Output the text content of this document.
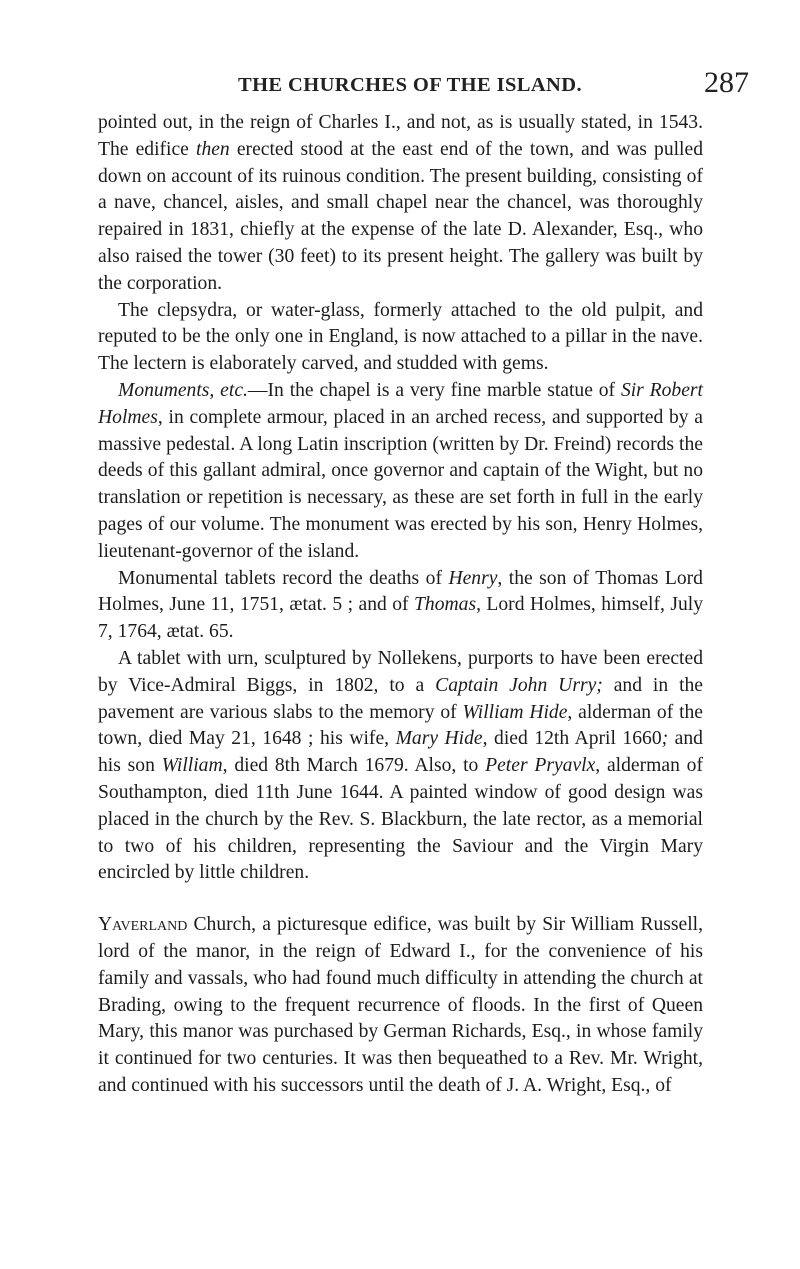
THE CHURCHES OF THE ISLAND.	287

pointed out, in the reign of Charles I., and not, as is usually stated, in 1543. The edifice then erected stood at the east end of the town, and was pulled down on account of its ruinous condition. The present building, consisting of a nave, chancel, aisles, and small chapel near the chancel, was thoroughly repaired in 1831, chiefly at the expense of the late D. Alexander, Esq., who also raised the tower (30 feet) to its present height. The gallery was built by the corporation.

The clepsydra, or water-glass, formerly attached to the old pulpit, and reputed to be the only one in England, is now attached to a pillar in the nave. The lectern is elaborately carved, and studded with gems.

Monuments, etc.—In the chapel is a very fine marble statue of Sir Robert Holmes, in complete armour, placed in an arched recess, and supported by a massive pedestal. A long Latin inscription (written by Dr. Freind) records the deeds of this gallant admiral, once governor and captain of the Wight, but no translation or repetition is necessary, as these are set forth in full in the early pages of our volume. The monument was erected by his son, Henry Holmes, lieutenant-governor of the island.

Monumental tablets record the deaths of Henry, the son of Thomas Lord Holmes, June 11, 1751, ætat. 5 ; and of Thomas, Lord Holmes, himself, July 7, 1764, ætat. 65.

A tablet with urn, sculptured by Nollekens, purports to have been erected by Vice-Admiral Biggs, in 1802, to a Captain John Urry; and in the pavement are various slabs to the memory of William Hide, alderman of the town, died May 21, 1648 ; his wife, Mary Hide, died 12th April 1660; and his son William, died 8th March 1679. Also, to Peter Pryavlx, alderman of Southampton, died 11th June 1644. A painted window of good design was placed in the church by the Rev. S. Blackburn, the late rector, as a memorial to two of his children, representing the Saviour and the Virgin Mary encircled by little children.

Yaverland Church, a picturesque edifice, was built by Sir William Russell, lord of the manor, in the reign of Edward I., for the convenience of his family and vassals, who had found much difficulty in attending the church at Brading, owing to the frequent recurrence of floods. In the first of Queen Mary, this manor was purchased by German Richards, Esq., in whose family it continued for two centuries. It was then bequeathed to a Rev. Mr. Wright, and continued with his successors until the death of J. A. Wright, Esq., of
